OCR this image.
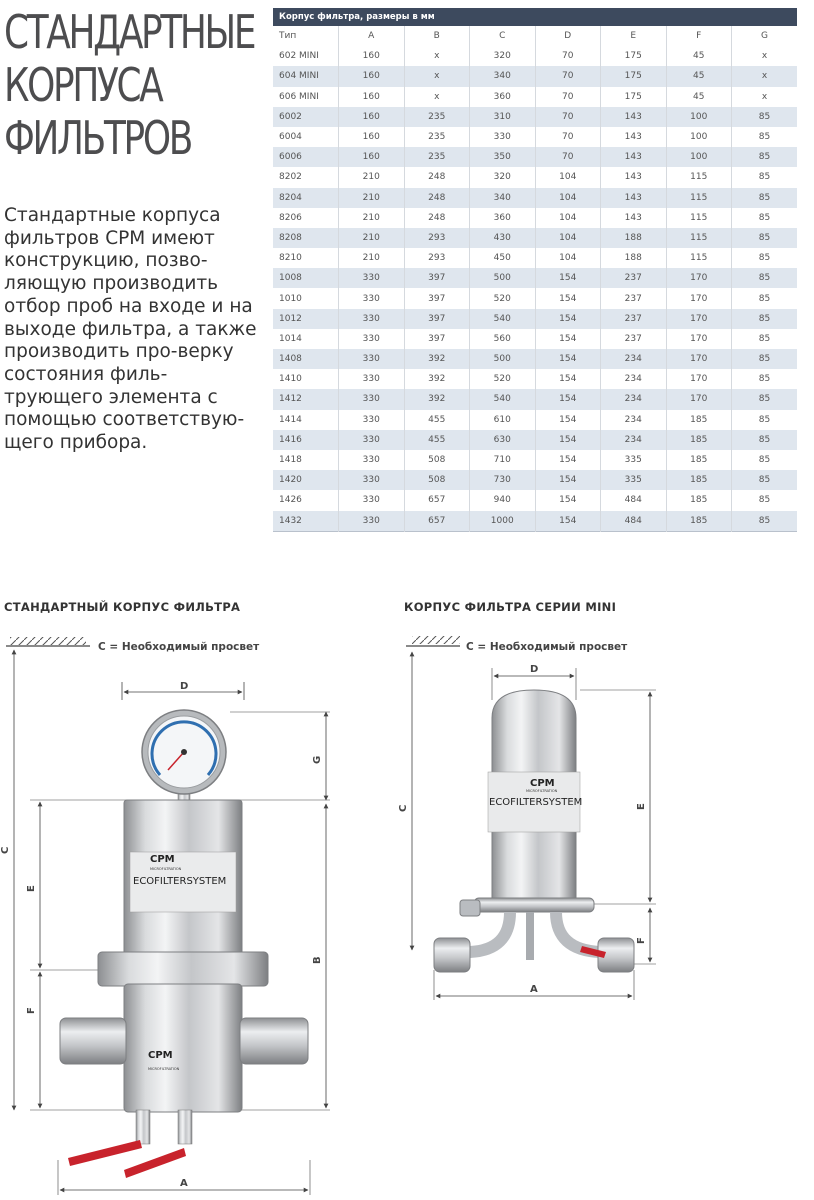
СТАНДАРТНЫЕ
КОРПУСА
ФИЛЬТРОВ

Стандартные корпуса фильтров CPM имеют конструкцию, позво-ляющую производить отбор проб на входе и на выходе фильтра, а также производить про-верку состояния филь-трующего элемента с помощью соответствую-щего прибора.

Корпус фильтра, размеры в мм
Тип	A	B	C	D	E	F	G
602 MINI	160	x	320	70	175	45	x
604 MINI	160	x	340	70	175	45	x
606 MINI	160	x	360	70	175	45	x
6002	160	235	310	70	143	100	85
6004	160	235	330	70	143	100	85
6006	160	235	350	70	143	100	85
8202	210	248	320	104	143	115	85
8204	210	248	340	104	143	115	85
8206	210	248	360	104	143	115	85
8208	210	293	430	104	188	115	85
8210	210	293	450	104	188	115	85
1008	330	397	500	154	237	170	85
1010	330	397	520	154	237	170	85
1012	330	397	540	154	237	170	85
1014	330	397	560	154	237	170	85
1408	330	392	500	154	234	170	85
1410	330	392	520	154	234	170	85
1412	330	392	540	154	234	170	85
1414	330	455	610	154	234	185	85
1416	330	455	630	154	234	185	85
1418	330	508	710	154	335	185	85
1420	330	508	730	154	335	185	85
1426	330	657	940	154	484	185	85
1432	330	657	1000	154	484	185	85
СТАНДАРТНЫЙ КОРПУС ФИЛЬТРА	КОРПУС ФИЛЬТРА СЕРИИ MINI
C = Необходимый просвет
C
D
G
E
F
B
A
CPM
MICROFILTRATION
ECOFILTERSYSTEM
CPM
MICROFILTRATION
C = Необходимый просвет
C
D
E
F
A
CPM
MICROFILTRATION
ECOFILTERSYSTEM
